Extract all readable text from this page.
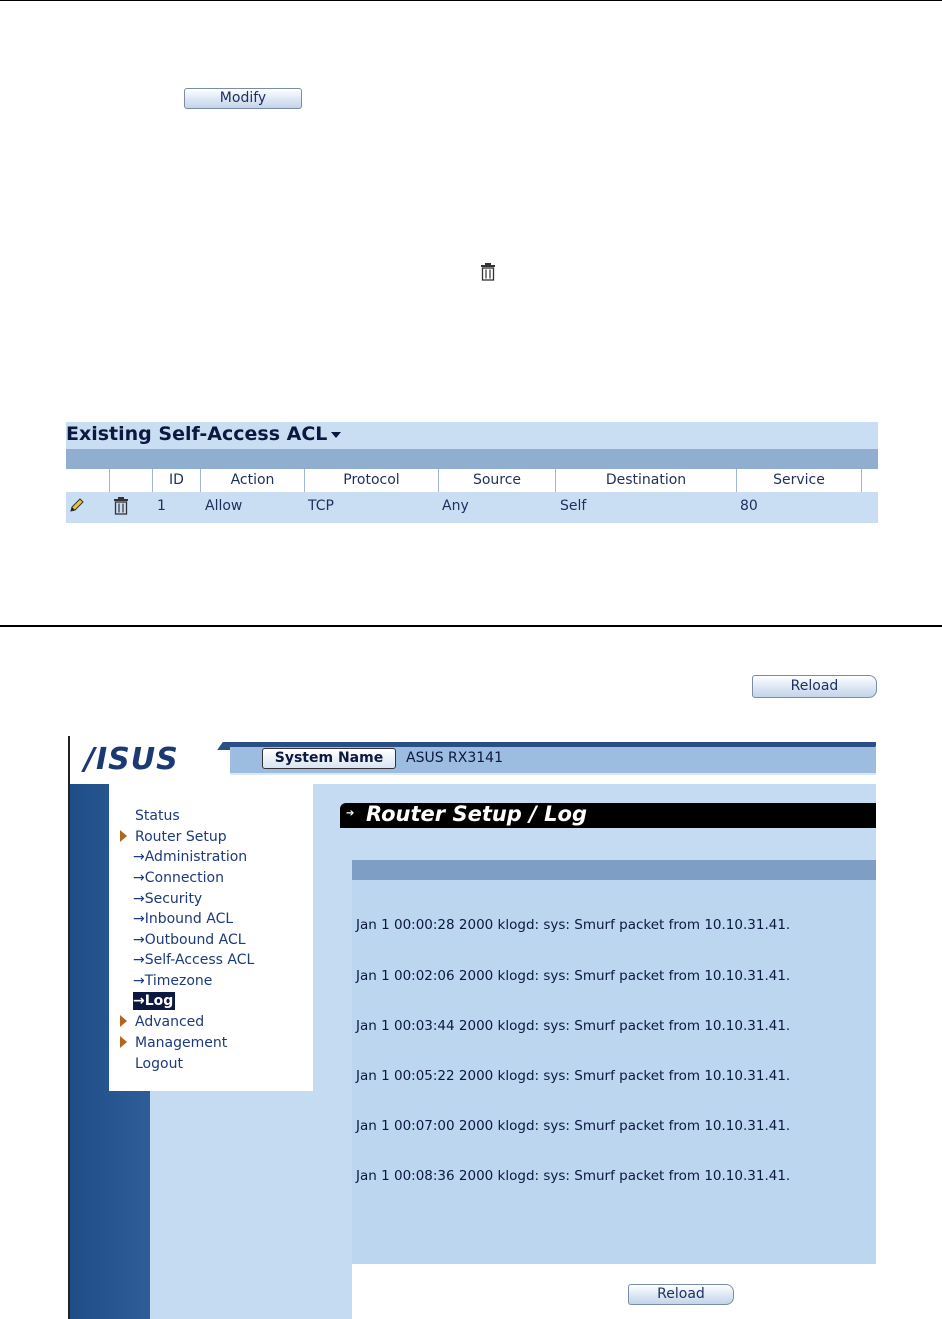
Modify
Existing Self-Access ACL
ID	Action	Protocol	Source	Destination	Service
1	Allow	TCP	Any	Self	80
Reload
/ISUS	System Name	ASUS RX3141
Status
Router Setup
→Administration
→Connection
→Security
→Inbound ACL
→Outbound ACL
→Self-Access ACL
→Timezone
→Log
Advanced
Management
Logout
➔ Router Setup / Log

Jan 1 00:00:28 2000 klogd: sys: Smurf packet from 10.10.31.41.

Jan 1 00:02:06 2000 klogd: sys: Smurf packet from 10.10.31.41.

Jan 1 00:03:44 2000 klogd: sys: Smurf packet from 10.10.31.41.

Jan 1 00:05:22 2000 klogd: sys: Smurf packet from 10.10.31.41.

Jan 1 00:07:00 2000 klogd: sys: Smurf packet from 10.10.31.41.

Jan 1 00:08:36 2000 klogd: sys: Smurf packet from 10.10.31.41.

Reload
